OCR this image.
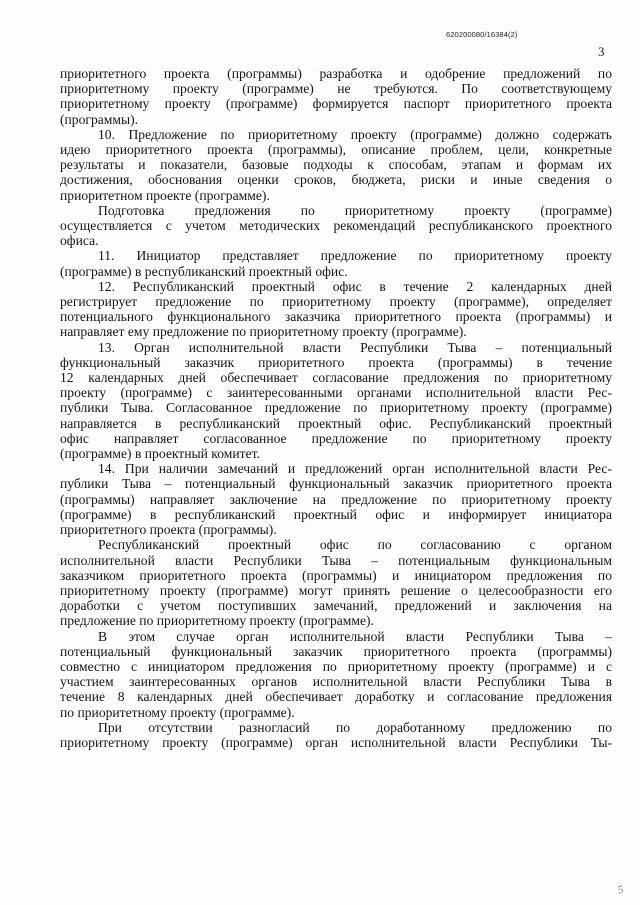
620200080/16384(2)
3
приоритетного проекта (программы) разработка и одобрение предложений по
приоритетному проекту (программе) не требуются. По соответствующему
приоритетному проекту (программе) формируется паспорт приоритетного проекта
(программы).
10. Предложение по приоритетному проекту (программе) должно содержать
идею приоритетного проекта (программы), описание проблем, цели, конкретные
результаты и показатели, базовые подходы к способам, этапам и формам их
достижения, обоснования оценки сроков, бюджета, риски и иные сведения о
приоритетном проекте (программе).
Подготовка предложения по приоритетному проекту (программе)
осуществляется с учетом методических рекомендаций республиканского проектного
офиса.
11. Инициатор представляет предложение по приоритетному проекту
(программе) в республиканский проектный офис.
12. Республиканский проектный офис в течение 2 календарных дней
регистрирует предложение по приоритетному проекту (программе), определяет
потенциального функционального заказчика приоритетного проекта (программы) и
направляет ему предложение по приоритетному проекту (программе).
13. Орган исполнительной власти Республики Тыва – потенциальный
функциональный заказчик приоритетного проекта (программы) в течение
12 календарных дней обеспечивает согласование предложения по приоритетному
проекту (программе) с заинтересованными органами исполнительной власти Рес-
публики Тыва. Согласованное предложение по приоритетному проекту (программе)
направляется в республиканский проектный офис. Республиканский проектный
офис направляет согласованное предложение по приоритетному проекту
(программе) в проектный комитет.
14. При наличии замечаний и предложений орган исполнительной власти Рес-
публики Тыва – потенциальный функциональный заказчик приоритетного проекта
(программы) направляет заключение на предложение по приоритетному проекту
(программе) в республиканский проектный офис и информирует инициатора
приоритетного проекта (программы).
Республиканский проектный офис по согласованию с органом
исполнительной власти Республики Тыва – потенциальным функциональным
заказчиком приоритетного проекта (программы) и инициатором предложения по
приоритетному проекту (программе) могут принять решение о целесообразности его
доработки с учетом поступивших замечаний, предложений и заключения на
предложение по приоритетному проекту (программе).
В этом случае орган исполнительной власти Республики Тыва –
потенциальный функциональный заказчик приоритетного проекта (программы)
совместно с инициатором предложения по приоритетному проекту (программе) и с
участием заинтересованных органов исполнительной власти Республики Тыва в
течение 8 календарных дней обеспечивает доработку и согласование предложения
по приоритетному проекту (программе).
При отсутствии разногласий по доработанному предложению по
приоритетному проекту (программе) орган исполнительной власти Республики Ты-
5
